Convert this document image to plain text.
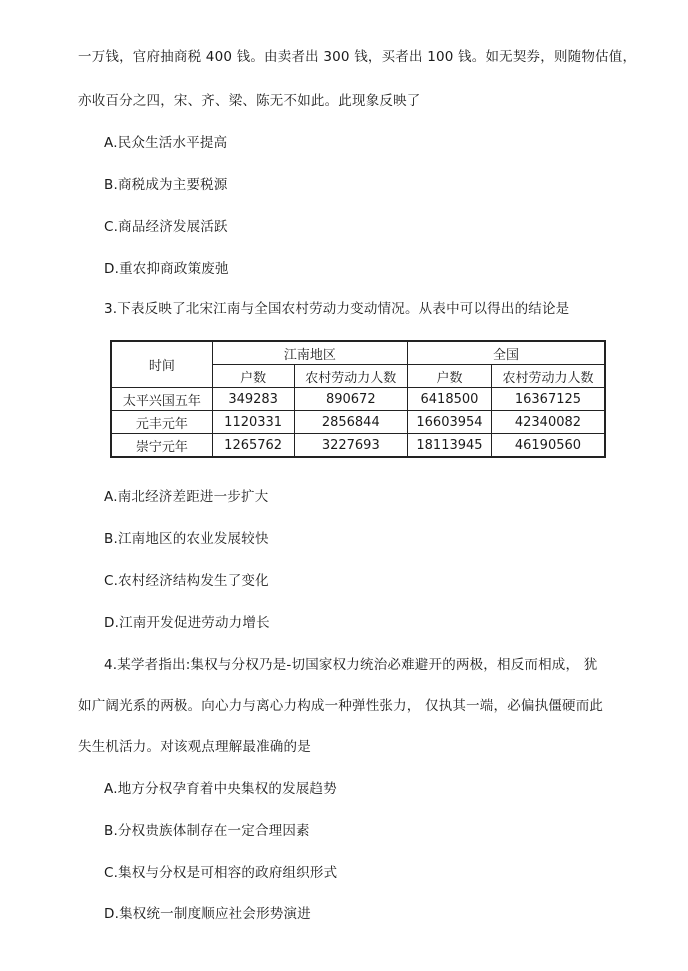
一万钱，官府抽商税 400 钱。由卖者出 300 钱，买者出 100 钱。如无契券，则随物估值，
亦收百分之四，宋、齐、梁、陈无不如此。此现象反映了
A.民众生活水平提高
B.商税成为主要税源
C.商品经济发展活跃
D.重农抑商政策废弛
3.下表反映了北宋江南与全国农村劳动力变动情况。从表中可以得出的结论是
时间	江南地区		全国	
	户数	农村劳动力人数	户数	农村劳动力人数
太平兴国五年	349283	890672	6418500	16367125
元丰元年	1120331	2856844	16603954	42340082
崇宁元年	1265762	3227693	18113945	46190560
A.南北经济差距进一步扩大
B.江南地区的农业发展较快
C.农村经济结构发生了变化
D.江南开发促进劳动力增长
4.某学者指出:集权与分权乃是-切国家权力统治必难避开的两极，相反而相成， 犹
如广阔光系的两极。向心力与离心力构成一种弹性张力， 仅执其一端，必偏执僵硬而此
失生机活力。对该观点理解最准确的是
A.地方分权孕育着中央集权的发展趋势
B.分权贵族体制存在一定合理因素
C.集权与分权是可相容的政府组织形式
D.集权统一制度顺应社会形势演进
